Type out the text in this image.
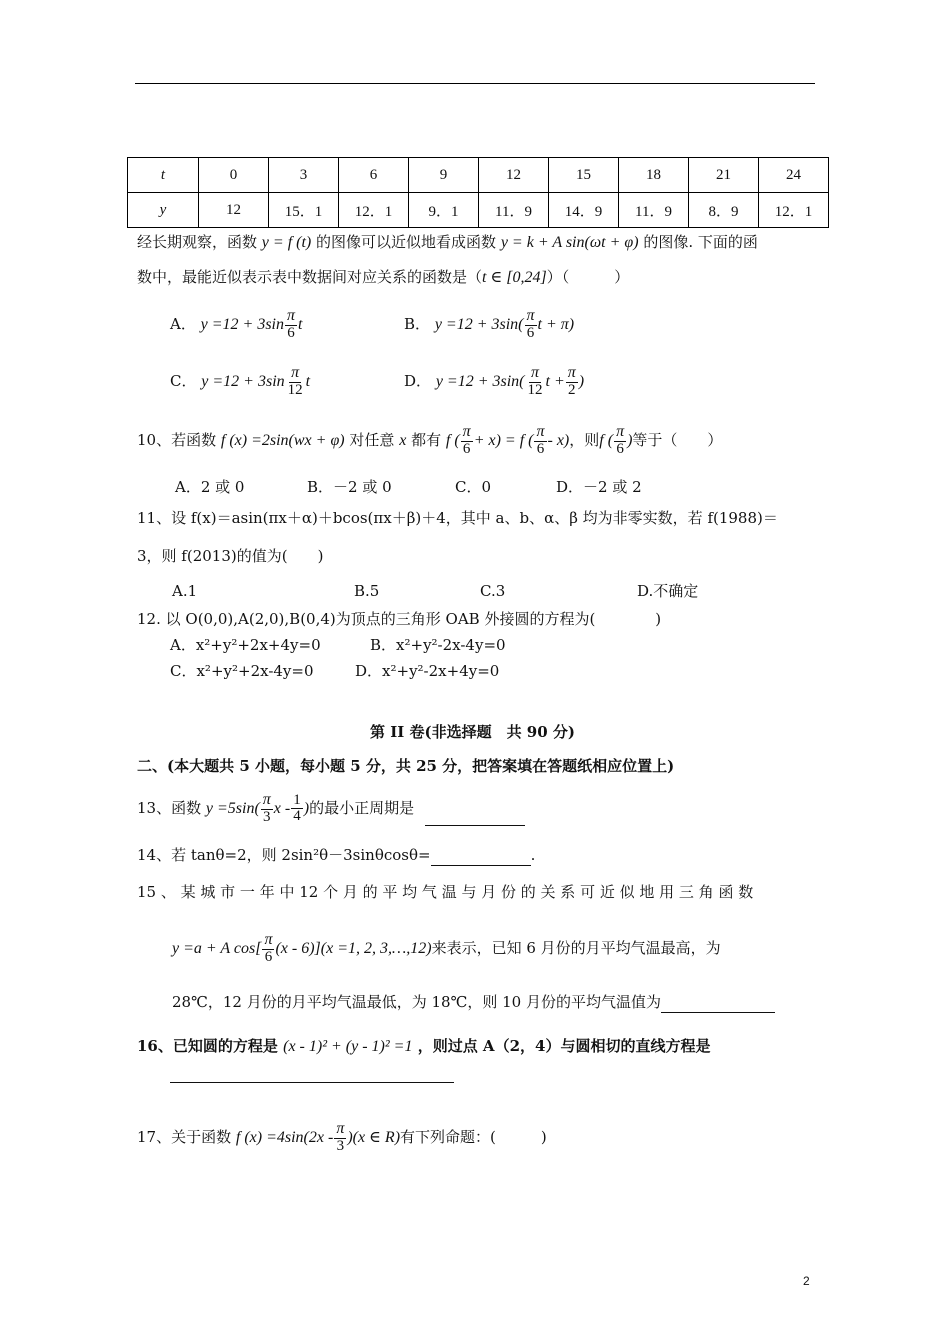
t	0	3	6	9	12	15	18	21	24
y	12	15．1	12．1	9．1	11．9	14．9	11．9	8．9	12．1
经长期观察，函数 y = f (t) 的图像可以近似地看成函数 y = k + A sin(ωt + φ) 的图像. 下面的函
数中，最能近似表示表中数据间对应关系的函数是（t ∈ [0,24]）（　　　）
A． $y =12 + 3\sin \frac{\pi}{6}$ t	B． $y =12 + 3\sin( \frac{\pi}{6}$ t + π)
C． $y =12 + 3\sin \frac{\pi}{12}$ t	D． $y =12 + 3\sin( \frac{\pi}{12}$ $t + \frac{\pi}{2}$ )
10、若函数 f (x) =2sin(wx + φ) 对任意 x 都有 f ( $\frac{\pi}{6} + x) = f$ ( $\frac{\pi}{6} - x$)，则f ( $\frac{\pi}{6}$ )等于（　　）
A．2 或 0	B．－2 或 0	C．0	D．－2 或 2
11、设 f(x)＝asin(πx＋α)＋bcos(πx＋β)＋4，其中 a、b、α、β 均为非零实数，若 f(1988)＝
3，则 f(2013)的值为(　　)
A.1	B.5	C.3	D.不确定
12. 以 O(0,0),A(2,0),B(0,4)为顶点的三角形 OAB 外接圆的方程为(　　　　)
A．x²+y²+2x+4y=0	B．x²+y²-2x-4y=0
C．x²+y²+2x-4y=0	D．x²+y²-2x+4y=0
第 II 卷(非选择题　共 90 分)
二、(本大题共 5 小题，每小题 5 分，共 25 分，把答案填在答题纸相应位置上)
13、函数 $y =5\sin( \frac{\pi}{3}$ x - $\frac{1}{4}$ )的最小正周期是
14、若 tanθ=2，则 2sin²θ－3sinθcosθ=	.
15 、 某 城 市 一 年 中 12 个 月 的 平 均 气 温 与 月 份 的 关 系 可 近 似 地 用 三 角 函 数
y =a + A $\cos[ \frac{\pi}{6} (x - 6)](x =1$, 2, 3,…,12)来表示，已知 6 月份的月平均气温最高，为
28℃，12 月份的月平均气温最低，为 18℃，则 10 月份的平均气温值为
16、已知圆的方程是 (x - 1)² + (y - 1)² =1 ，则过点 A（2，4）与圆相切的直线方程是
17、关于函数 f $(x) =4\sin(2x - \frac{\pi}{3} )(x$ ∈ R)有下列命题：(　　　)
2
